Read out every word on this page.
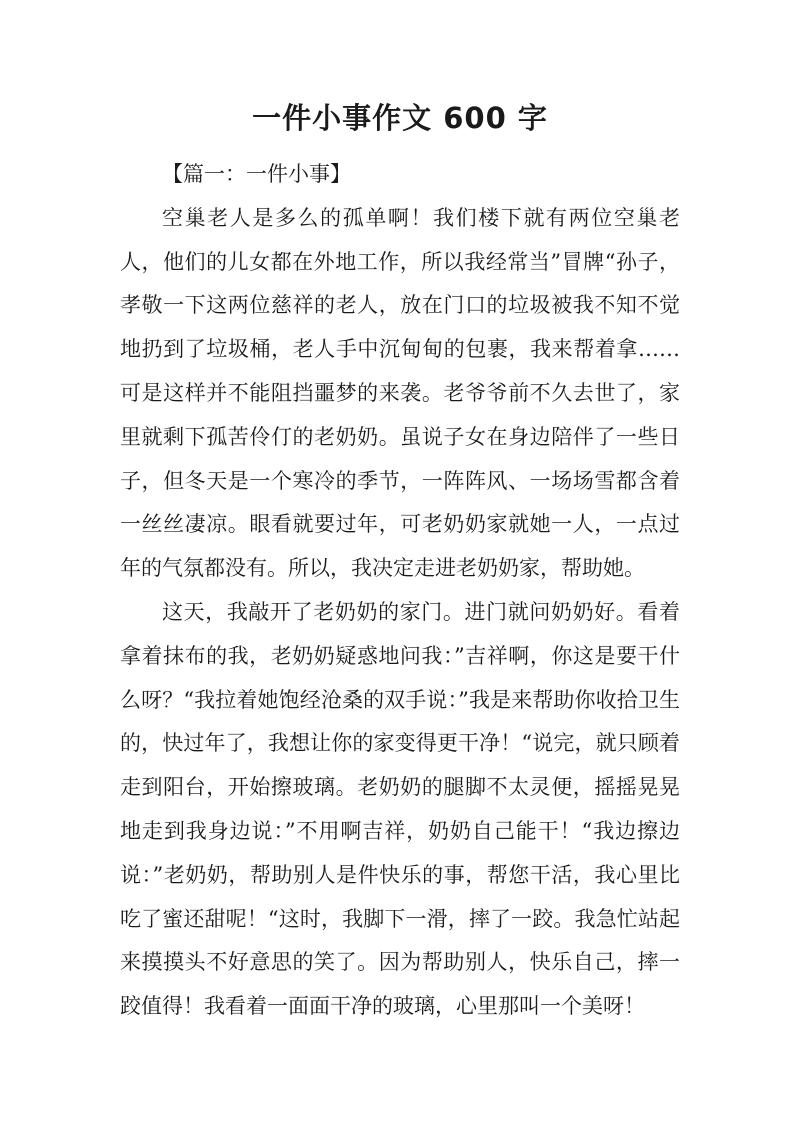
一件小事作文 600 字

【篇一：一件小事】

空巢老人是多么的孤单啊！我们楼下就有两位空巢老人，他们的儿女都在外地工作，所以我经常当”冒牌“孙子，孝敬一下这两位慈祥的老人，放在门口的垃圾被我不知不觉地扔到了垃圾桶，老人手中沉甸甸的包裹，我来帮着拿……可是这样并不能阻挡噩梦的来袭。老爷爷前不久去世了，家里就剩下孤苦伶仃的老奶奶。虽说子女在身边陪伴了一些日子，但冬天是一个寒冷的季节，一阵阵风、一场场雪都含着一丝丝凄凉。眼看就要过年，可老奶奶家就她一人，一点过年的气氛都没有。所以，我决定走进老奶奶家，帮助她。

这天，我敲开了老奶奶的家门。进门就问奶奶好。看着拿着抹布的我，老奶奶疑惑地问我：”吉祥啊，你这是要干什么呀？“我拉着她饱经沧桑的双手说：”我是来帮助你收拾卫生的，快过年了，我想让你的家变得更干净！“说完，就只顾着走到阳台，开始擦玻璃。老奶奶的腿脚不太灵便，摇摇晃晃地走到我身边说：”不用啊吉祥，奶奶自己能干！“我边擦边说：”老奶奶，帮助别人是件快乐的事，帮您干活，我心里比吃了蜜还甜呢！“这时，我脚下一滑，摔了一跤。我急忙站起来摸摸头不好意思的笑了。因为帮助别人，快乐自己，摔一跤值得！我看着一面面干净的玻璃，心里那叫一个美呀！
